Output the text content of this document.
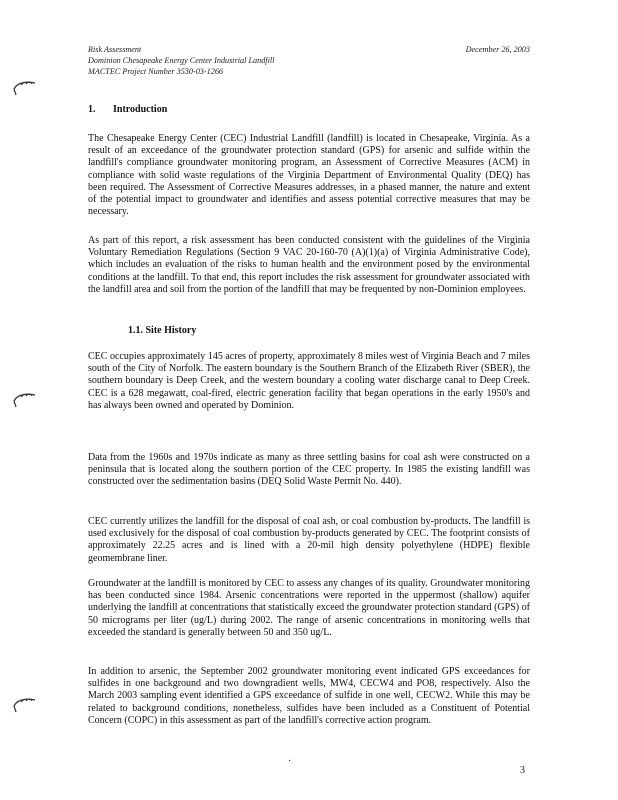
Risk Assessment
Dominion Chesapeake Energy Center Industrial Landfill
MACTEC Project Number 3530-03-1266
December 26, 2003
1. Introduction

The Chesapeake Energy Center (CEC) Industrial Landfill (landfill) is located in Chesapeake, Virginia. As a result of an exceedance of the groundwater protection standard (GPS) for arsenic and sulfide within the landfill's compliance groundwater monitoring program, an Assessment of Corrective Measures (ACM) in compliance with solid waste regulations of the Virginia Department of Environmental Quality (DEQ) has been required. The Assessment of Corrective Measures addresses, in a phased manner, the nature and extent of the potential impact to groundwater and identifies and assess potential corrective measures that may be necessary.

As part of this report, a risk assessment has been conducted consistent with the guidelines of the Virginia Voluntary Remediation Regulations (Section 9 VAC 20-160-70 (A)(1)(a) of Virginia Administrative Code), which includes an evaluation of the risks to human health and the environment posed by the environmental conditions at the landfill. To that end, this report includes the risk assessment for groundwater associated with the landfill area and soil from the portion of the landfill that may be frequented by non-Dominion employees.

1.1. Site History

CEC occupies approximately 145 acres of property, approximately 8 miles west of Virginia Beach and 7 miles south of the City of Norfolk. The eastern boundary is the Southern Branch of the Elizabeth River (SBER), the southern boundary is Deep Creek, and the western boundary a cooling water discharge canal to Deep Creek. CEC is a 628 megawatt, coal-fired, electric generation facility that began operations in the early 1950's and has always been owned and operated by Dominion.

Data from the 1960s and 1970s indicate as many as three settling basins for coal ash were constructed on a peninsula that is located along the southern portion of the CEC property. In 1985 the existing landfill was constructed over the sedimentation basins (DEQ Solid Waste Permit No. 440).

CEC currently utilizes the landfill for the disposal of coal ash, or coal combustion by-products. The landfill is used exclusively for the disposal of coal combustion by-products generated by CEC. The footprint consists of approximately 22.25 acres and is lined with a 20-mil high density polyethylene (HDPE) flexible geomembrane liner.

Groundwater at the landfill is monitored by CEC to assess any changes of its quality. Groundwater monitoring has been conducted since 1984. Arsenic concentrations were reported in the uppermost (shallow) aquifer underlying the landfill at concentrations that statistically exceed the groundwater protection standard (GPS) of 50 micrograms per liter (ug/L) during 2002. The range of arsenic concentrations in monitoring wells that exceeded the standard is generally between 50 and 350 ug/L.

In addition to arsenic, the September 2002 groundwater monitoring event indicated GPS exceedances for sulfides in one background and two downgradient wells, MW4, CECW4 and PO8, respectively. Also the March 2003 sampling event identified a GPS exceedance of sulfide in one well, CECW2. While this may be related to background conditions, nonetheless, sulfides have been included as a Constituent of Potential Concern (COPC) in this assessment as part of the landfill's corrective action program.

·
3
